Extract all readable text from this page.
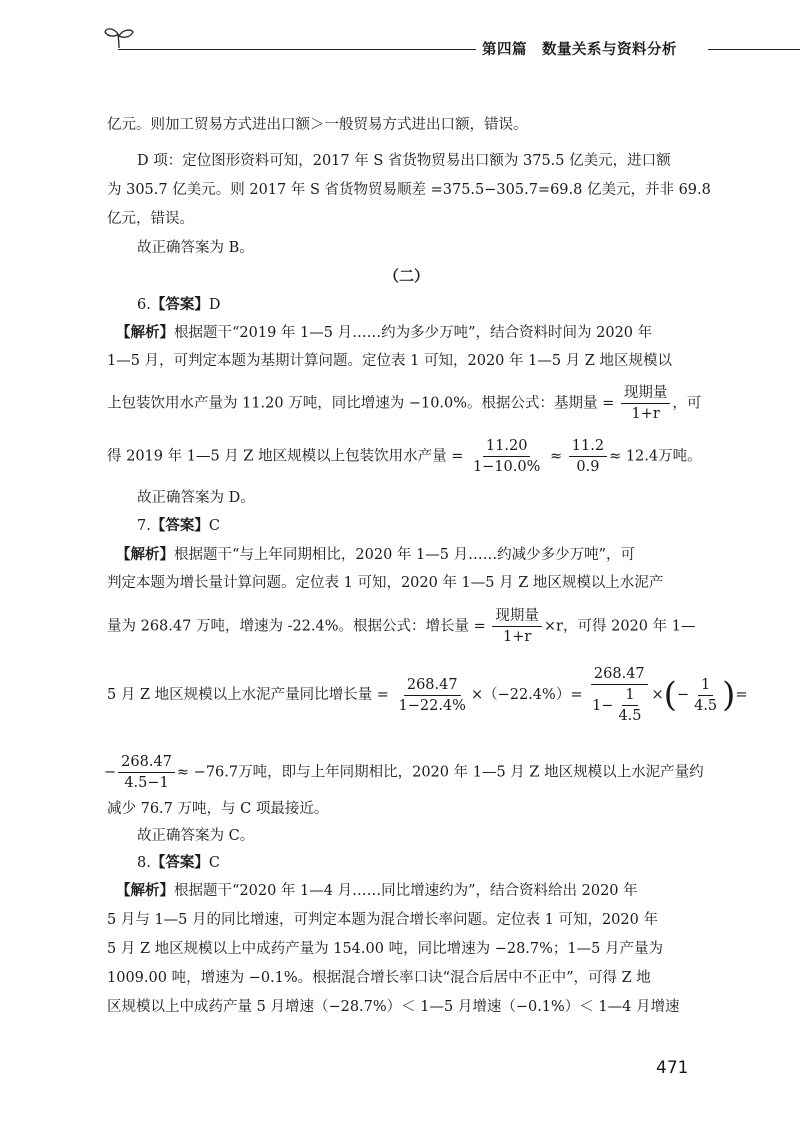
第四篇　数量关系与资料分析
亿元。则加工贸易方式进出口额＞一般贸易方式进出口额，错误。
D 项：定位图形资料可知，2017 年 S 省货物贸易出口额为 375.5 亿美元，进口额
为 305.7 亿美元。则 2017 年 S 省货物贸易顺差 =375.5−305.7=69.8 亿美元，并非 69.8
亿元，错误。
故正确答案为 B。
（二）
6.【答案】D
【解析】根据题干“2019 年 1—5 月……约为多少万吨”，结合资料时间为 2020 年
1—5 月，可判定本题为基期计算问题。定位表 1 可知，2020 年 1—5 月 Z 地区规模以
上包装饮用水产量为 11.20 万吨，同比增速为 −10.0%。根据公式：基期量 = $\frac{\text{现期量}}{1+r}$ ，可
得 2019 年 1—5 月 Z 地区规模以上包装饮用水产量 = $\frac{11.20}{1-10.0\%} \approx \frac{11.2}{0.9} \approx 12.4$万吨。
故正确答案为 D。
7.【答案】C
【解析】根据题干“与上年同期相比，2020 年 1—5 月……约减少多少万吨”，可
判定本题为增长量计算问题。定位表 1 可知，2020 年 1—5 月 Z 地区规模以上水泥产
量为 268.47 万吨，增速为 -22.4%。根据公式：增长量 = $\frac{\text{现期量}}{1+r} \times r$，可得 2020 年 1—
5 月 Z 地区规模以上水泥产量同比增长量 = $\frac{268.47}{1-22.4\%} \times(-22.4\%)= \frac{268.47}{1- \frac{1}{4.5}}$ ×(− $\frac{1}{4.5}$ )=
− $\frac{268.47}{4.5-1} \approx -76.7$万吨，即与上年同期相比，2020 年 1—5 月 Z 地区规模以上水泥产量约
减少 76.7 万吨，与 C 项最接近。
故正确答案为 C。
8.【答案】C
【解析】根据题干“2020 年 1—4 月……同比增速约为”，结合资料给出 2020 年
5 月与 1—5 月的同比增速，可判定本题为混合增长率问题。定位表 1 可知，2020 年
5 月 Z 地区规模以上中成药产量为 154.00 吨，同比增速为 −28.7%；1—5 月产量为
1009.00 吨，增速为 −0.1%。根据混合增长率口诀“混合后居中不正中”，可得 Z 地
区规模以上中成药产量 5 月增速（−28.7%）＜ 1—5 月增速（−0.1%）＜ 1—4 月增速
471
